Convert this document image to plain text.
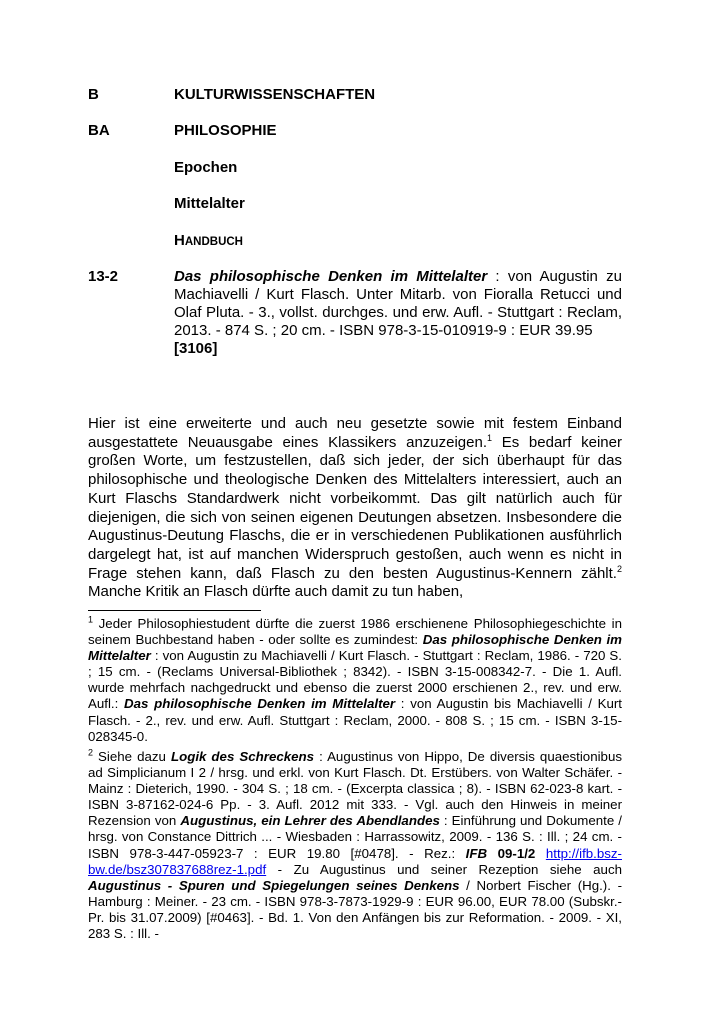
B	KULTURWISSENSCHAFTEN
BA	PHILOSOPHIE
Epochen
Mittelalter
HANDBUCH
13-2	Das philosophische Denken im Mittelalter : von Augustin zu Machiavelli / Kurt Flasch. Unter Mitarb. von Fioralla Retucci und Olaf Pluta. - 3., vollst. durchges. und erw. Aufl. - Stuttgart : Reclam, 2013. - 874 S. ; 20 cm. - ISBN 978-3-15-010919-9 : EUR 39.95
[3106]
Hier ist eine erweiterte und auch neu gesetzte sowie mit festem Einband ausgestattete Neuausgabe eines Klassikers anzuzeigen.$^1$ Es bedarf keiner großen Worte, um festzustellen, daß sich jeder, der sich überhaupt für das philosophische und theologische Denken des Mittelalters interessiert, auch an Kurt Flaschs Standardwerk nicht vorbeikommt. Das gilt natürlich auch für diejenigen, die sich von seinen eigenen Deutungen absetzen. Insbesondere die Augustinus-Deutung Flaschs, die er in verschiedenen Publikationen ausführlich dargelegt hat, ist auf manchen Widerspruch gestoßen, auch wenn es nicht in Frage stehen kann, daß Flasch zu den besten Augustinus-Kennern zählt.$^2$ Manche Kritik an Flasch dürfte auch damit zu tun haben,
$^1$ Jeder Philosophiestudent dürfte die zuerst 1986 erschienene Philosophiegeschichte in seinem Buchbestand haben - oder sollte es zumindest: Das philosophische Denken im Mittelalter : von Augustin zu Machiavelli / Kurt Flasch. - Stuttgart : Reclam, 1986. - 720 S. ; 15 cm. - (Reclams Universal-Bibliothek ; 8342). - ISBN 3-15-008342-7. - Die 1. Aufl. wurde mehrfach nachgedruckt und ebenso die zuerst 2000 erschienen 2., rev. und erw. Aufl.: Das philosophische Denken im Mittelalter : von Augustin bis Machiavelli / Kurt Flasch. - 2., rev. und erw. Aufl. Stuttgart : Reclam, 2000. - 808 S. ; 15 cm. - ISBN 3-15-028345-0.
$^2$ Siehe dazu Logik des Schreckens : Augustinus von Hippo, De diversis quaestionibus ad Simplicianum I 2 / hrsg. und erkl. von Kurt Flasch. Dt. Erstübers. von Walter Schäfer. - Mainz : Dieterich, 1990. - 304 S. ; 18 cm. - (Excerpta classica ; 8). - ISBN 62-023-8 kart. - ISBN 3-87162-024-6 Pp. - 3. Aufl. 2012 mit 333. - Vgl. auch den Hinweis in meiner Rezension von Augustinus, ein Lehrer des Abendlandes : Einführung und Dokumente / hrsg. von Constance Dittrich ... - Wiesbaden : Harrassowitz, 2009. - 136 S. : Ill. ; 24 cm. - ISBN 978-3-447-05923-7 : EUR 19.80 [#0478]. - Rez.: IFB 09-1/2 http://ifb.bsz-bw.de/bsz307837688rez-1.pdf - Zu Augustinus und seiner Rezeption siehe auch Augustinus - Spuren und Spiegelungen seines Denkens / Norbert Fischer (Hg.). - Hamburg : Meiner. - 23 cm. - ISBN 978-3-7873-1929-9 : EUR 96.00, EUR 78.00 (Subskr.-Pr. bis 31.07.2009) [#0463]. - Bd. 1. Von den Anfängen bis zur Reformation. - 2009. - XI, 283 S. : Ill. -
